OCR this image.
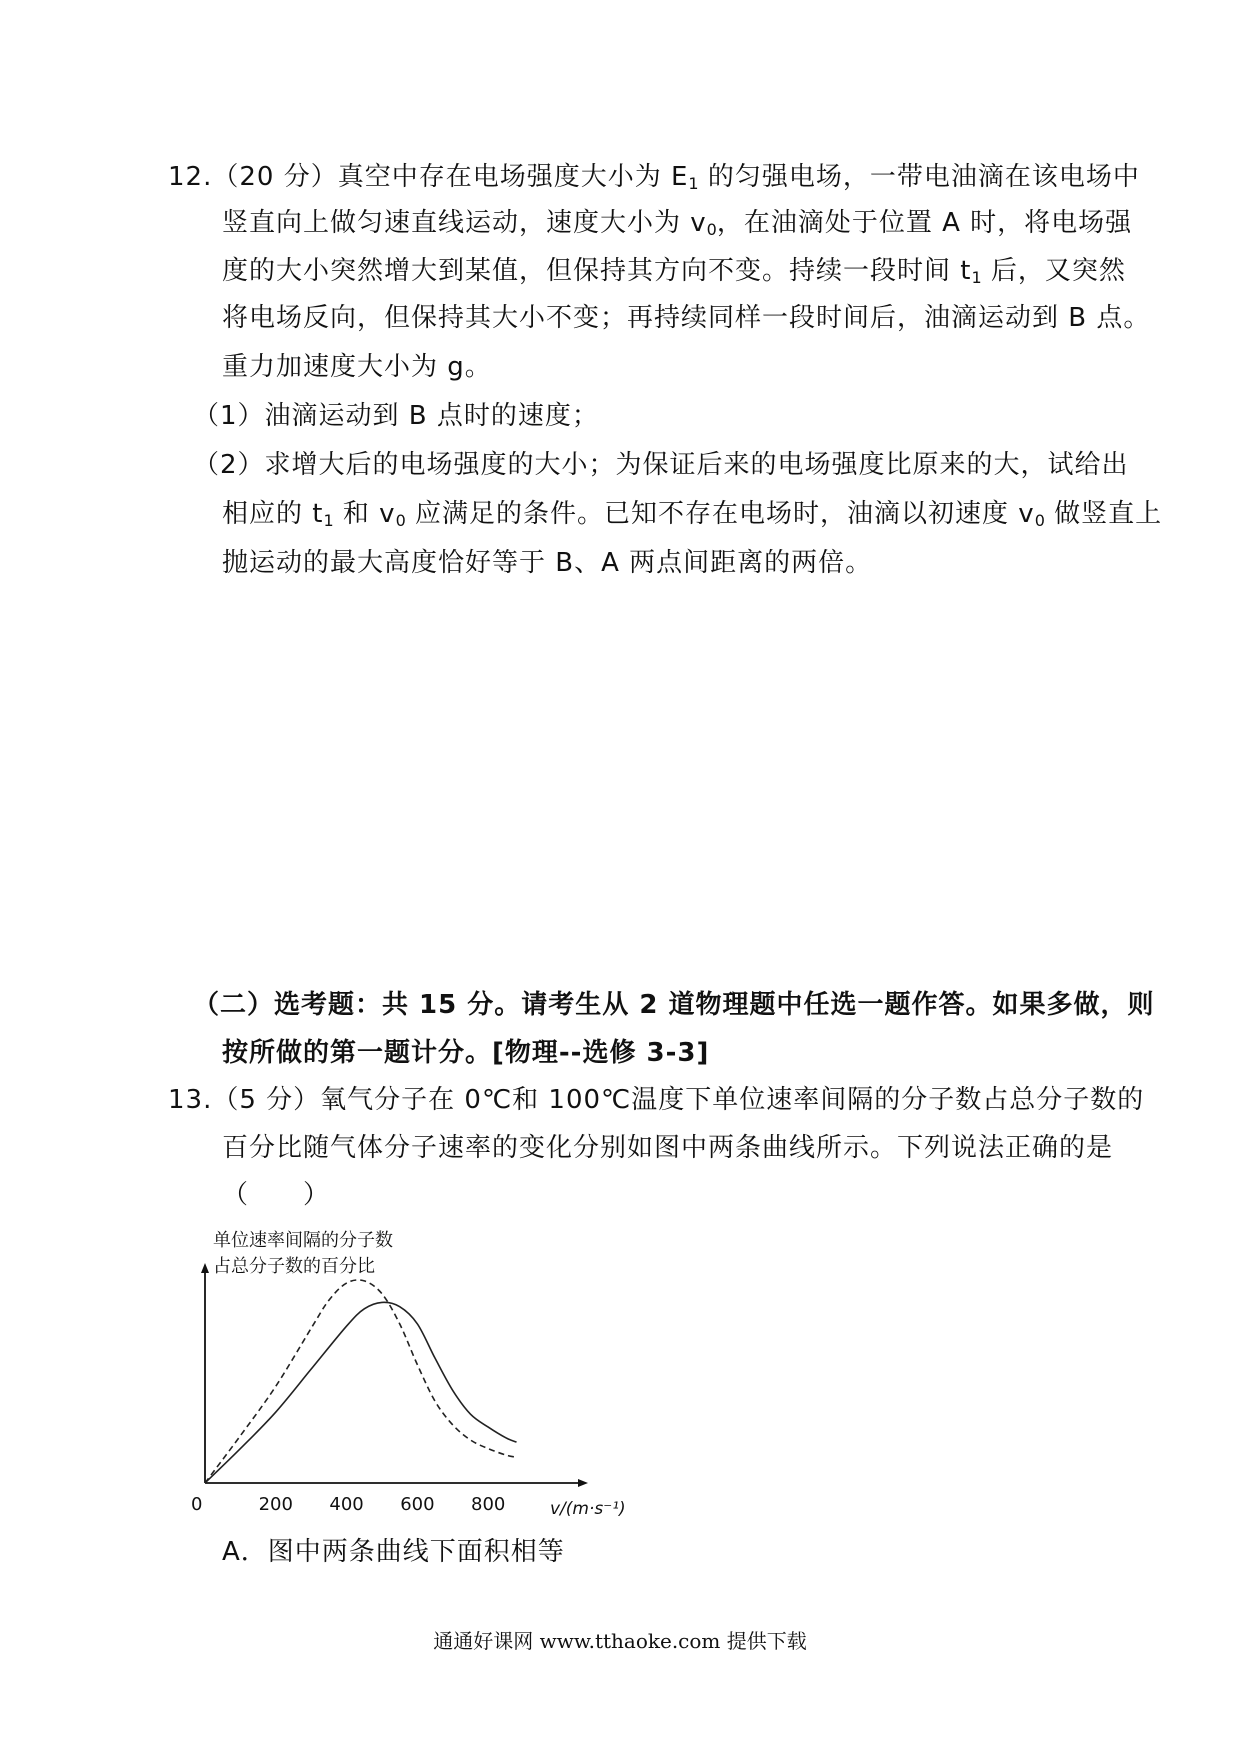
12.（20 分）真空中存在电场强度大小为 $E_1$ 的匀强电场，一带电油滴在该电场中
竖直向上做匀速直线运动，速度大小为 $v_0$，在油滴处于位置 A 时，将电场强
度的大小突然增大到某值，但保持其方向不变。持续一段时间 $t_1$ 后，又突然
将电场反向，但保持其大小不变；再持续同样一段时间后，油滴运动到 B 点。
重力加速度大小为 g。
（1）油滴运动到 B 点时的速度；
（2）求增大后的电场强度的大小；为保证后来的电场强度比原来的大，试给出
相应的 $t_1$ 和 $v_0$ 应满足的条件。已知不存在电场时，油滴以初速度 $v_0$ 做竖直上
抛运动的最大高度恰好等于 B、A 两点间距离的两倍。
（二）选考题：共 15 分。请考生从 2 道物理题中任选一题作答。如果多做，则
按所做的第一题计分。[物理--选修 3-3]
13.（5 分）氧气分子在 0℃和 100℃温度下单位速率间隔的分子数占总分子数的
百分比随气体分子速率的变化分别如图中两条曲线所示。下列说法正确的是
（　　）
单位速率间隔的分子数
占总分子数的百分比
v/(m·s⁻¹)
0	200 400 600 800
A．图中两条曲线下面积相等
通通好课网 www.tthaoke.com 提供下载
